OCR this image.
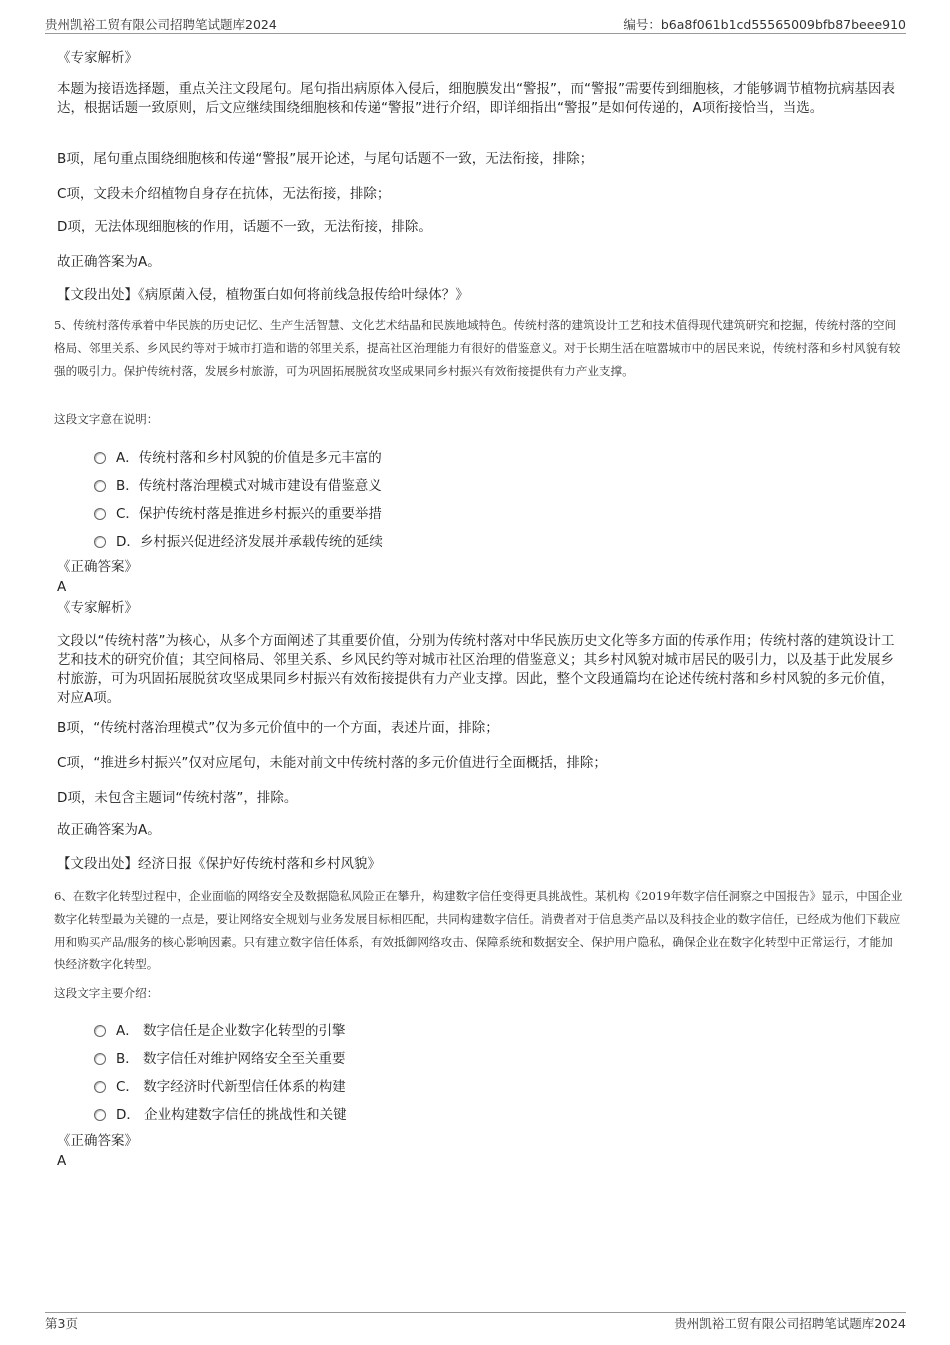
贵州凯裕工贸有限公司招聘笔试题库2024	编号：b6a8f061b1cd55565009bfb87beee910
《专家解析》
本题为接语选择题，重点关注文段尾句。尾句指出病原体入侵后，细胞膜发出“警报”，而“警报”需要传到细胞核，才能够调节植物抗病基因表达，根据话题一致原则，后文应继续围绕细胞核和传递“警报”进行介绍，即详细指出“警报”是如何传递的，A项衔接恰当，当选。
B项，尾句重点围绕细胞核和传递“警报”展开论述，与尾句话题不一致，无法衔接，排除；
C项，文段未介绍植物自身存在抗体，无法衔接，排除；
D项，无法体现细胞核的作用，话题不一致，无法衔接，排除。
故正确答案为A。
【文段出处】《病原菌入侵，植物蛋白如何将前线急报传给叶绿体？》
5、传统村落传承着中华民族的历史记忆、生产生活智慧、文化艺术结晶和民族地域特色。传统村落的建筑设计工艺和技术值得现代建筑研究和挖掘，传统村落的空间格局、邻里关系、乡风民约等对于城市打造和谐的邻里关系，提高社区治理能力有很好的借鉴意义。对于长期生活在喧嚣城市中的居民来说，传统村落和乡村风貌有较强的吸引力。保护传统村落，发展乡村旅游，可为巩固拓展脱贫攻坚成果同乡村振兴有效衔接提供有力产业支撑。
这段文字意在说明：
A．传统村落和乡村风貌的价值是多元丰富的
B．传统村落治理模式对城市建设有借鉴意义
C．保护传统村落是推进乡村振兴的重要举措
D．乡村振兴促进经济发展并承载传统的延续
《正确答案》
A
《专家解析》
文段以“传统村落”为核心，从多个方面阐述了其重要价值，分别为传统村落对中华民族历史文化等多方面的传承作用；传统村落的建筑设计工艺和技术的研究价值；其空间格局、邻里关系、乡风民约等对城市社区治理的借鉴意义；其乡村风貌对城市居民的吸引力，以及基于此发展乡村旅游，可为巩固拓展脱贫攻坚成果同乡村振兴有效衔接提供有力产业支撑。因此，整个文段通篇均在论述传统村落和乡村风貌的多元价值，对应A项。
B项，“传统村落治理模式”仅为多元价值中的一个方面，表述片面，排除；
C项，“推进乡村振兴”仅对应尾句，未能对前文中传统村落的多元价值进行全面概括，排除；
D项，未包含主题词“传统村落”，排除。
故正确答案为A。
【文段出处】经济日报《保护好传统村落和乡村风貌》
6、在数字化转型过程中，企业面临的网络安全及数据隐私风险正在攀升，构建数字信任变得更具挑战性。某机构《2019年数字信任洞察之中国报告》显示，中国企业数字化转型最为关键的一点是，要让网络安全规划与业务发展目标相匹配，共同构建数字信任。消费者对于信息类产品以及科技企业的数字信任，已经成为他们下载应用和购买产品/服务的核心影响因素。只有建立数字信任体系，有效抵御网络攻击、保障系统和数据安全、保护用户隐私，确保企业在数字化转型中正常运行，才能加快经济数字化转型。
这段文字主要介绍：
A． 数字信任是企业数字化转型的引擎
B． 数字信任对维护网络安全至关重要
C． 数字经济时代新型信任体系的构建
D． 企业构建数字信任的挑战性和关键
《正确答案》
A
第3页	贵州凯裕工贸有限公司招聘笔试题库2024
